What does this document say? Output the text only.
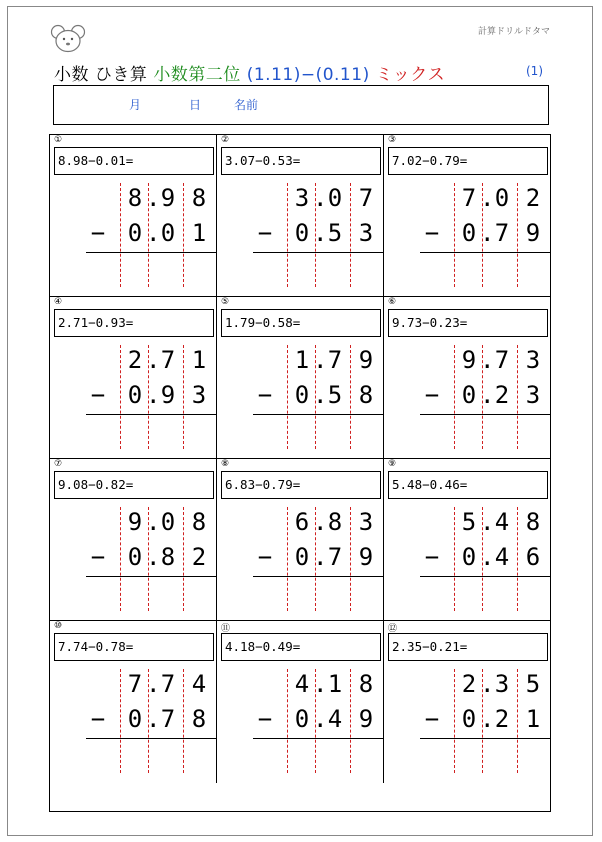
計算ドリルドタマ
小数 ひき算 小数第二位 (1.11)−(0.11) ミックス	(1)
月	日	名前
①
8.98−0.01=
8 . 9 8
− 0 . 0 1
②
3.07−0.53=
3 . 0 7
− 0 . 5 3
③
7.02−0.79=
7 . 0 2
− 0 . 7 9
④
2.71−0.93=
2 . 7 1
− 0 . 9 3
⑤
1.79−0.58=
1 . 7 9
− 0 . 5 8
⑥
9.73−0.23=
9 . 7 3
− 0 . 2 3
⑦
9.08−0.82=
9 . 0 8
− 0 . 8 2
⑧
6.83−0.79=
6 . 8 3
− 0 . 7 9
⑨
5.48−0.46=
5 . 4 8
− 0 . 4 6
⑩
7.74−0.78=
7 . 7 4
− 0 . 7 8
⑪
4.18−0.49=
4 . 1 8
− 0 . 4 9
⑫
2.35−0.21=
2 . 3 5
− 0 . 2 1
